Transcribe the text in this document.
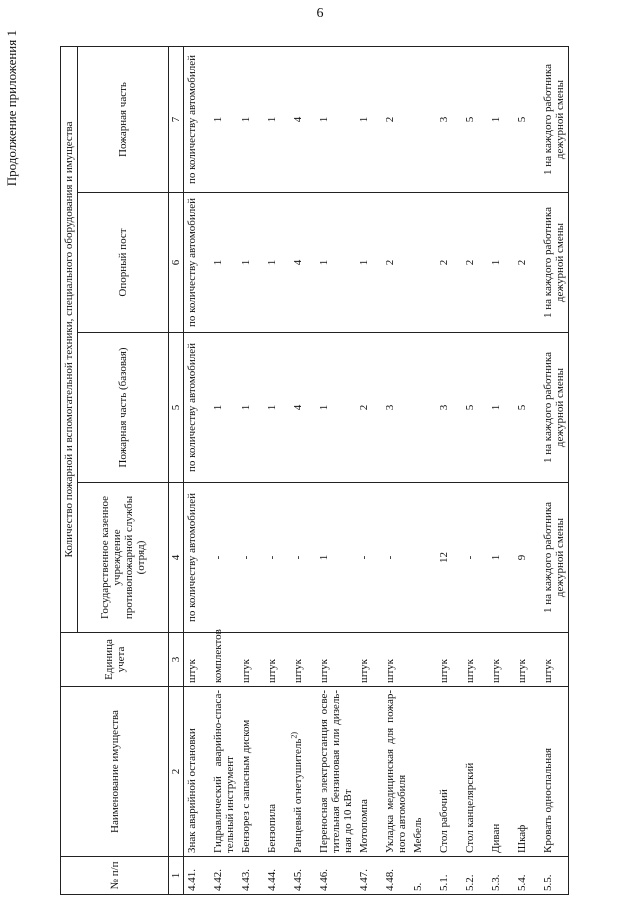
6
Продолжение приложения 1
№ п/п	Наименование имущества	Единица учета	Количество пожарной и вспомогательной техники, специального оборудования и имущества			
			Государственное казенное учреждение противопожарной службы (отряд)	Пожарная часть (базовая)	Опорный пост	Пожарная часть
1	2	3	4	5	6	7
4.41.	Знак аварийной остановки	штук	по количеству автомобилей	по количеству автомобилей	по количеству автомобилей	по количеству автомобилей
4.42.	Гидравлический аварийно-спаса-тельный инструмент	комплектов	-	1	1	1
4.43.	Бензорез с запасным диском	штук	-	1	1	1
4.44.	Бензопила	штук	-	1	1	1
4.45.	Ранцевый огнетушитель$^{2)}$	штук	-	4	4	4
4.46.	Переносная электростанция осве-тительная бензиновая или дизель-ная до 10 кВт	штук	1	1	1	1
4.47.	Мотопомпа	штук	-	2	1	1
4.48.	Укладка медицинская для пожар-ного автомобиля	штук	-	3	2	2
5.	Мебель					
5.1.	Стол рабочий	штук	12	3	2	3
5.2.	Стол канцелярский	штук	-	5	2	5
5.3.	Диван	штук	1	1	1	1
5.4.	Шкаф	штук	9	5	2	5
5.5.	Кровать односпальная	штук	1 на каждого работника дежурной смены	1 на каждого работника дежурной смены	1 на каждого работника дежурной смены	1 на каждого работника дежурной смены
